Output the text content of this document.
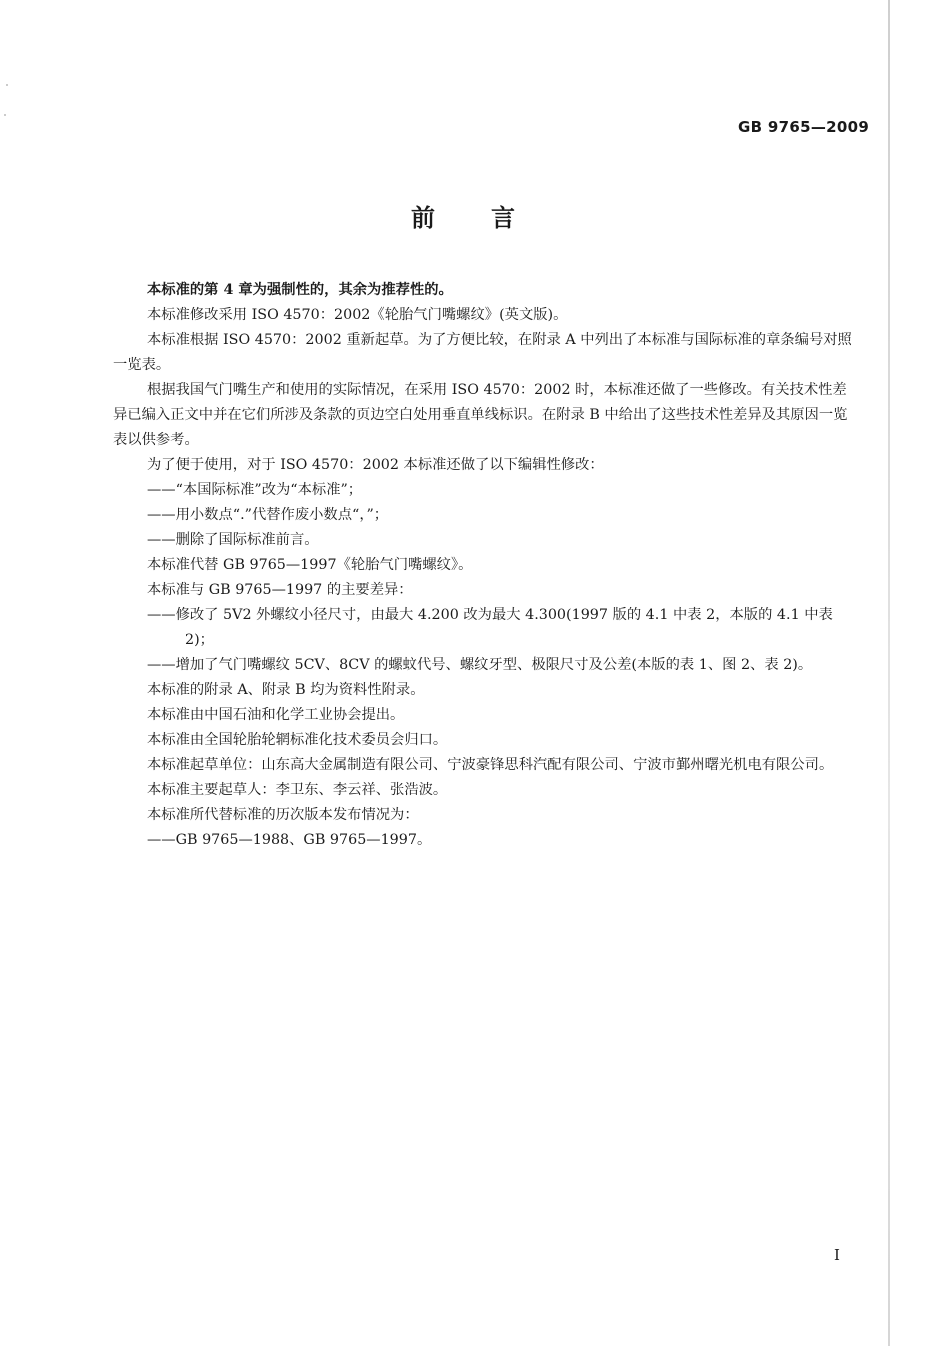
GB 9765—2009
前言

本标准的第 4 章为强制性的，其余为推荐性的。

本标准修改采用 ISO 4570：2002《轮胎气门嘴螺纹》(英文版)。

本标准根据 ISO 4570：2002 重新起草。为了方便比较，在附录 A 中列出了本标准与国际标准的章条编号对照一览表。

根据我国气门嘴生产和使用的实际情况，在采用 ISO 4570：2002 时，本标准还做了一些修改。有关技术性差异已编入正文中并在它们所涉及条款的页边空白处用垂直单线标识。在附录 B 中给出了这些技术性差异及其原因一览表以供参考。

为了便于使用，对于 ISO 4570：2002 本标准还做了以下编辑性修改：

——“本国际标准”改为“本标准”；

——用小数点“.”代替作废小数点“，”；

——删除了国际标准前言。

本标准代替 GB 9765—1997《轮胎气门嘴螺纹》。

本标准与 GB 9765—1997 的主要差异：

——修改了 5V2 外螺纹小径尺寸，由最大 4.200 改为最大 4.300(1997 版的 4.1 中表 2，本版的 4.1 中表 2)；

——增加了气门嘴螺纹 5CV、8CV 的螺蚊代号、螺纹牙型、极限尺寸及公差(本版的表 1、图 2、表 2)。

本标准的附录 A、附录 B 均为资料性附录。

本标准由中国石油和化学工业协会提出。

本标准由全国轮胎轮辋标准化技术委员会归口。

本标准起草单位：山东高大金属制造有限公司、宁波豪锋思科汽配有限公司、宁波市鄞州曙光机电有限公司。

本标准主要起草人：李卫东、李云祥、张浩波。

本标准所代替标准的历次版本发布情况为：

——GB 9765—1988、GB 9765—1997。

I
